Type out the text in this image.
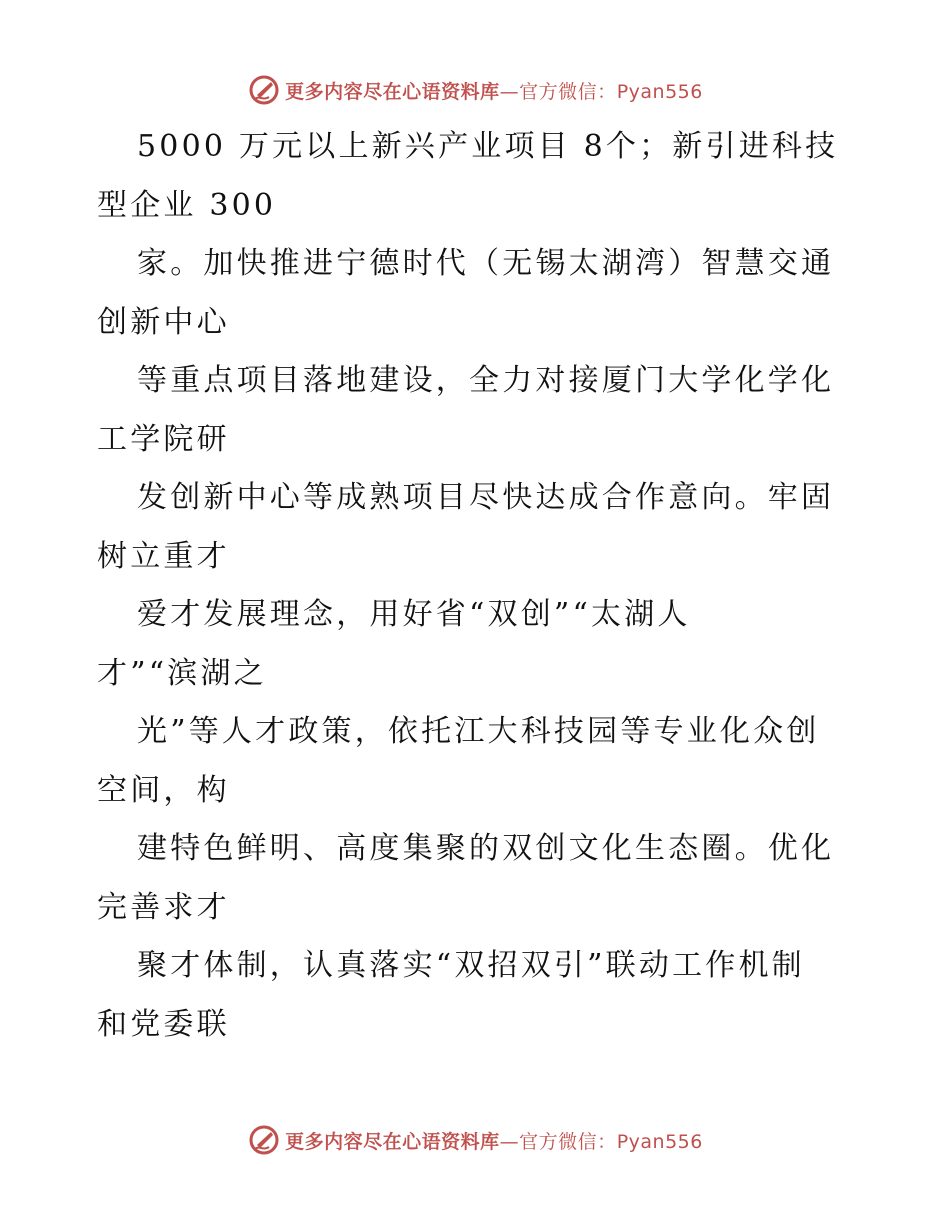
更多内容尽在心语资料库—官方微信：Pyan556
5000 万元以上新兴产业项目 8个；新引进科技
型企业 300
家。加快推进宁德时代（无锡太湖湾）智慧交通
创新中心
等重点项目落地建设，全力对接厦门大学化学化
工学院研
发创新中心等成熟项目尽快达成合作意向。牢固
树立重才
爱才发展理念，用好省“双创”“太湖人
才”“滨湖之
光”等人才政策，依托江大科技园等专业化众创
空间，构
建特色鲜明、高度集聚的双创文化生态圈。优化
完善求才
聚才体制，认真落实“双招双引”联动工作机制
和党委联
更多内容尽在心语资料库—官方微信：Pyan556
